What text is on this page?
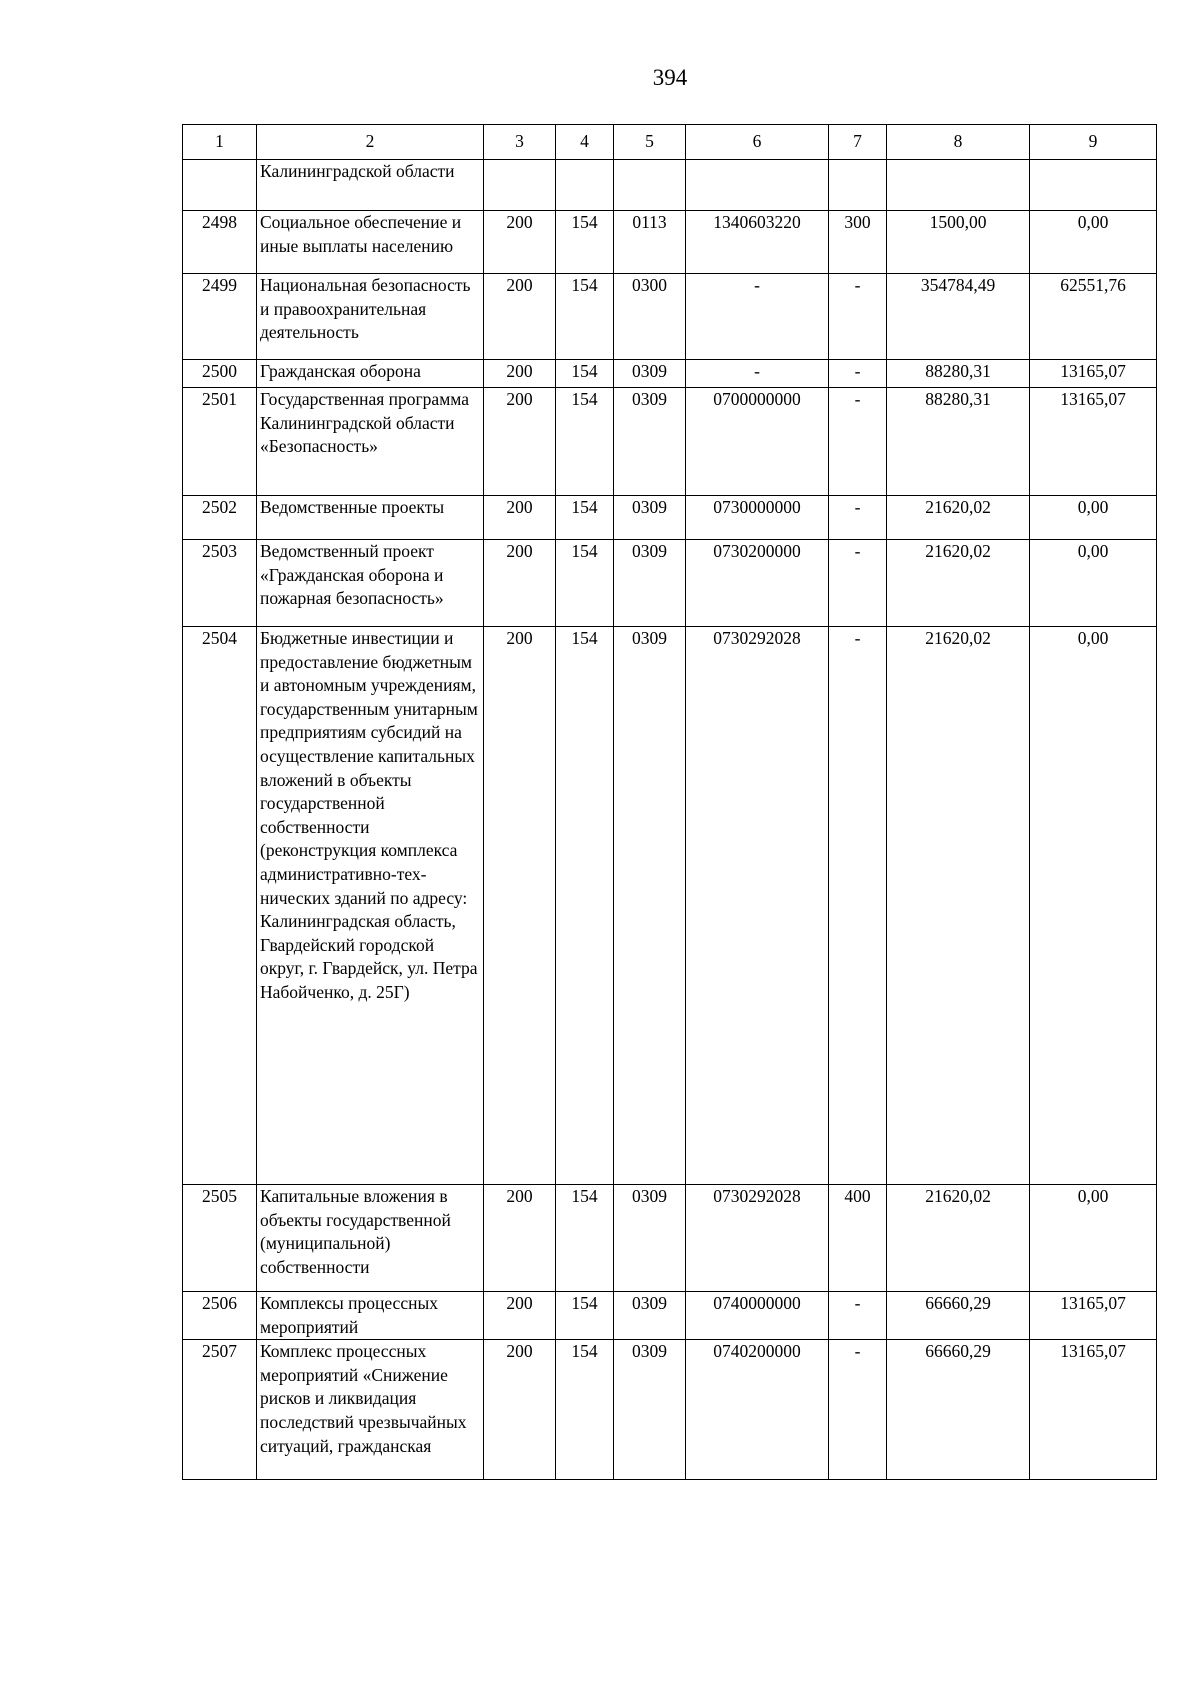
394
1	2	3	4	5	6	7	8	9
	Калининградской области							
2498	Социальное обеспечение и иные выплаты населению	200	154	0113	1340603220	300	1500,00	0,00
2499	Национальная безопасность и правоохранительная деятельность	200	154	0300	-	-	354784,49	62551,76
2500	Гражданская оборона	200	154	0309	-	-	88280,31	13165,07
2501	Государственная программа Калининградской области «Безопасность»	200	154	0309	0700000000	-	88280,31	13165,07
2502	Ведомственные проекты	200	154	0309	0730000000	-	21620,02	0,00
2503	Ведомственный проект «Гражданская оборона и пожарная безопасность»	200	154	0309	0730200000	-	21620,02	0,00
2504	Бюджетные инвестиции и предоставление бюджетным и автономным учреждениям, государственным унитарным предприятиям субсидий на осуществление капитальных вложений в объекты государственной собственности (реконструкция комплекса административно-тех-нических зданий по адресу: Калининградская область, Гвардейский городской округ, г. Гвардейск, ул. Петра Набойченко, д. 25Г)	200	154	0309	0730292028	-	21620,02	0,00
2505	Капитальные вложения в объекты государственной (муниципальной) собственности	200	154	0309	0730292028	400	21620,02	0,00
2506	Комплексы процессных мероприятий	200	154	0309	0740000000	-	66660,29	13165,07
2507	Комплекс процессных мероприятий «Снижение рисков и ликвидация последствий чрезвычайных ситуаций, гражданская	200	154	0309	0740200000	-	66660,29	13165,07
